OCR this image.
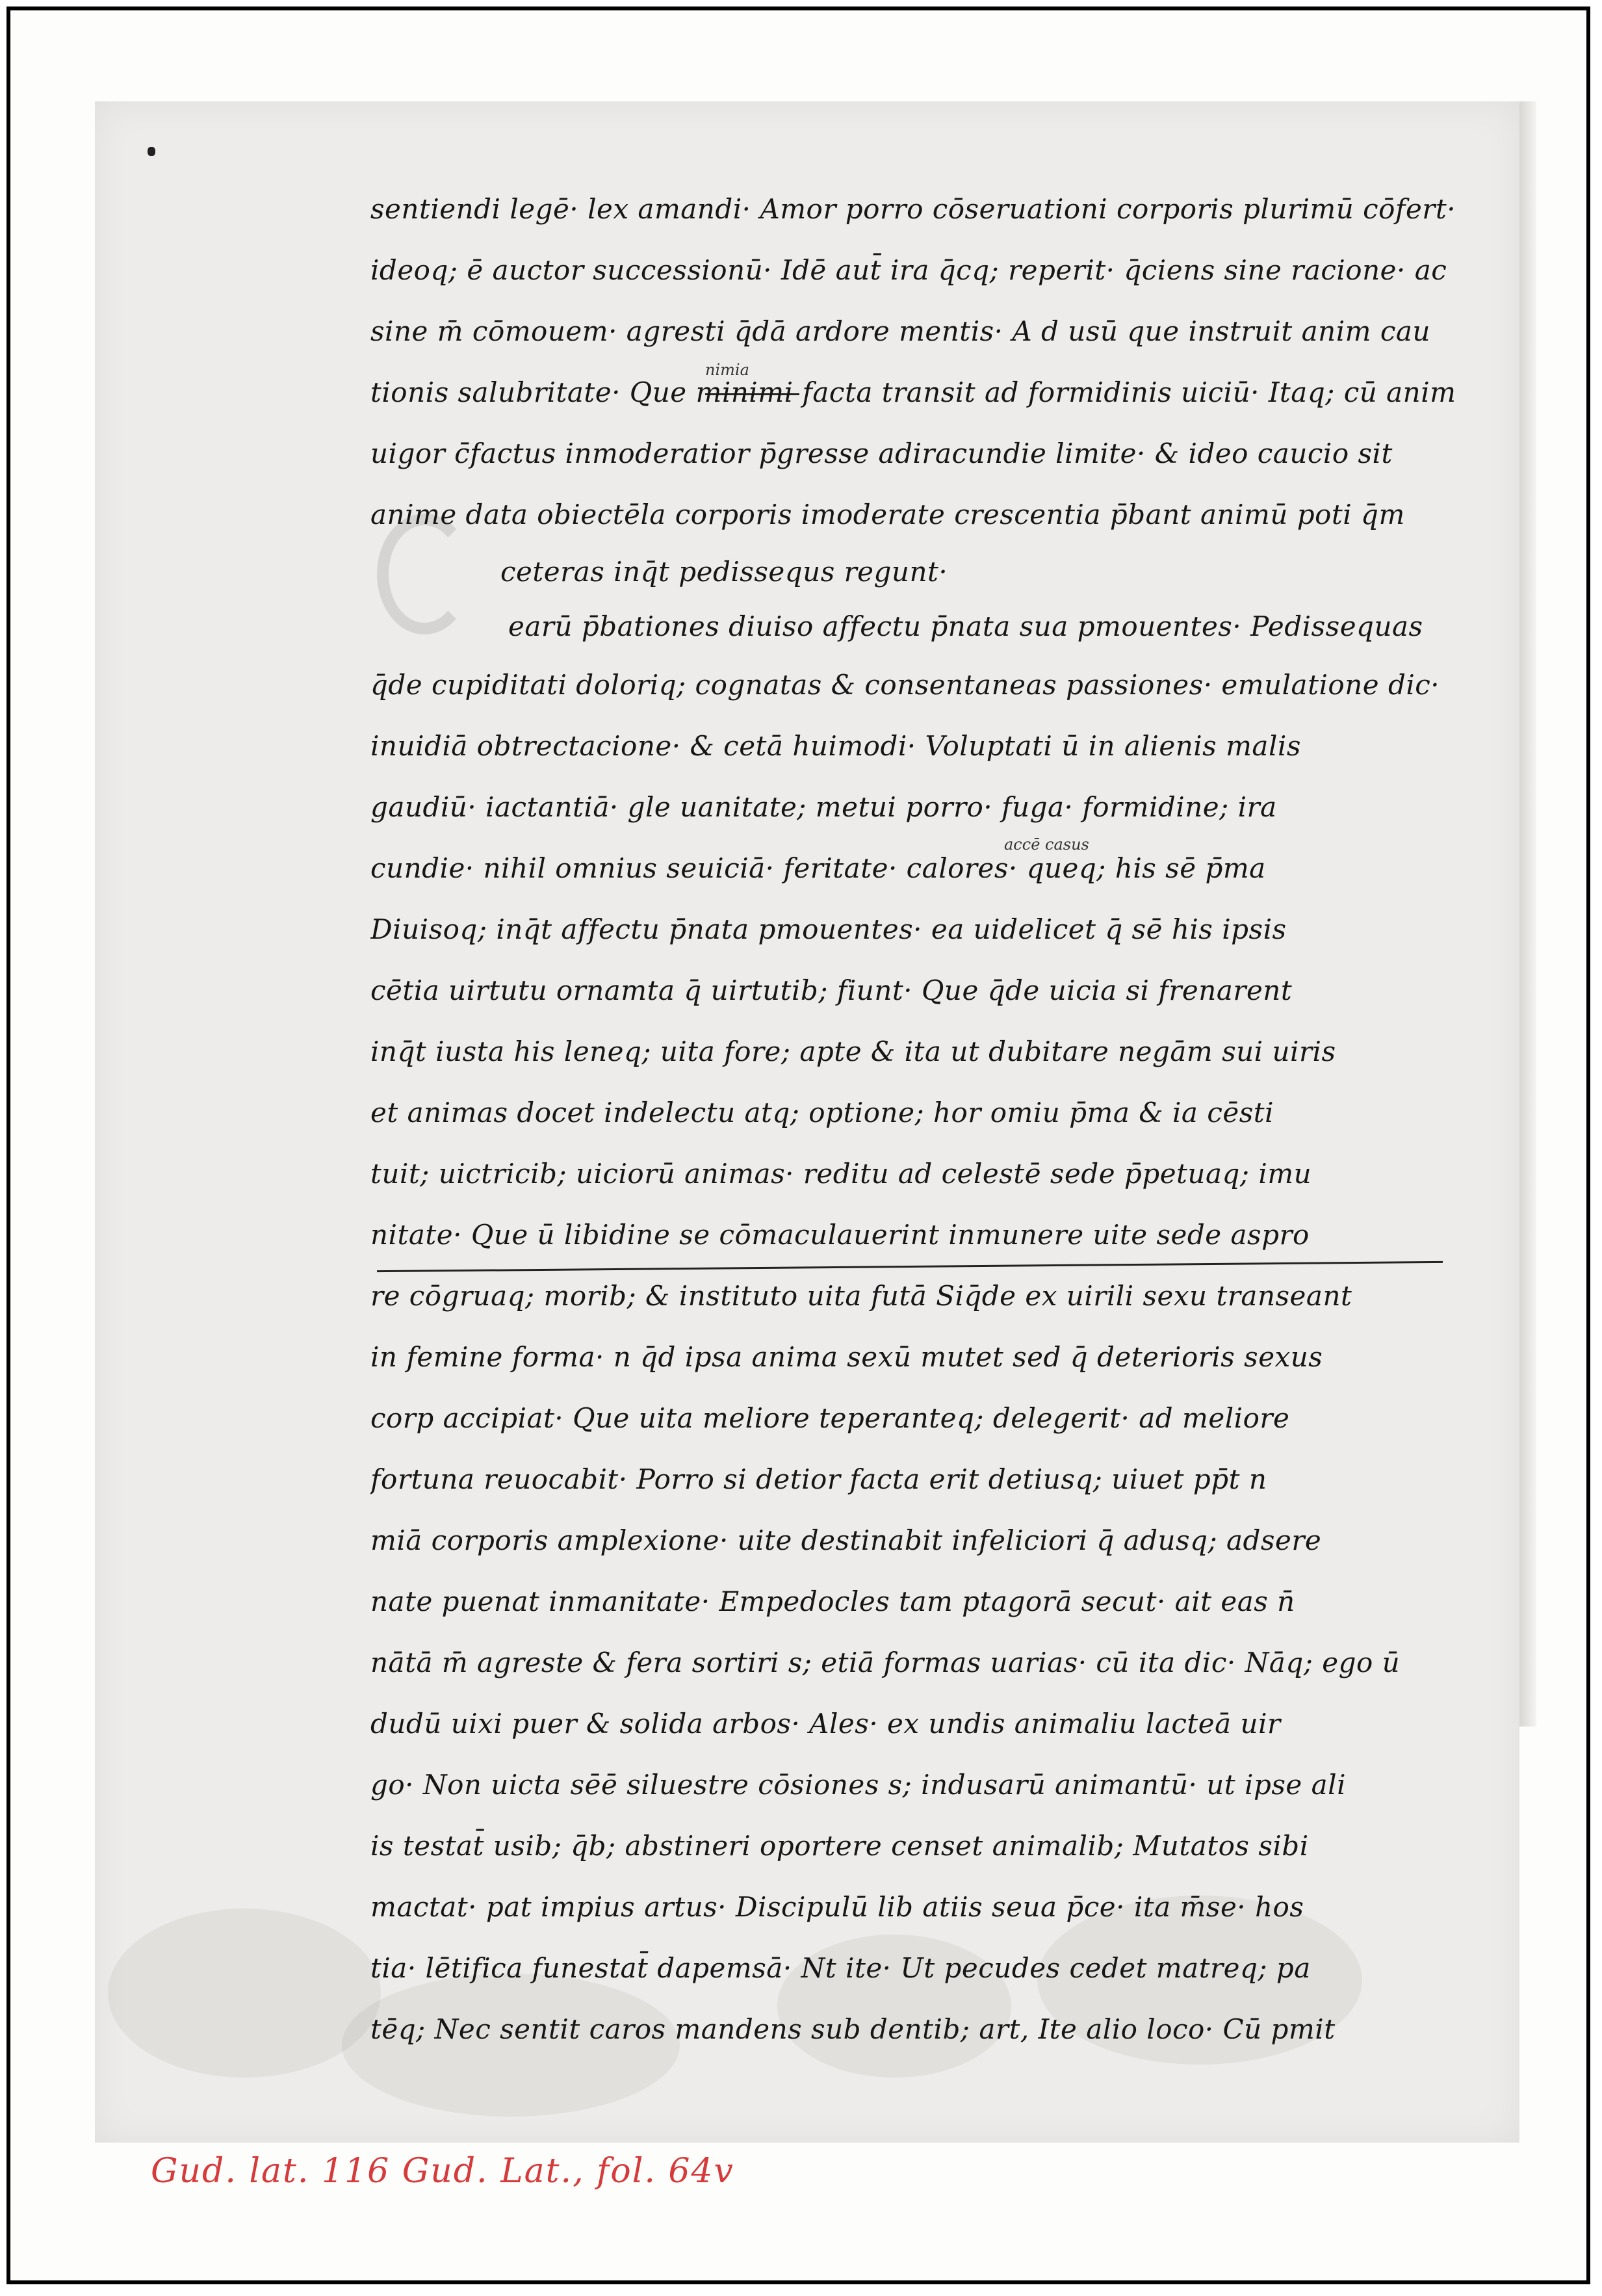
nimia
accē casus
sentiendi legē· lex amandi· Amor porro cōseruationi corporis plurimū cōfert·
ideoq; ē auctor successionū· Idē aut̄ ira q̄cq; reperit· q̄ciens sine racione· ac
sine m̄ cōmouem· agresti q̄dā ardore mentis· A d usū que instruit anim cau
tionis salubritate· Que minimi facta transit ad formidinis uiciū· Itaq; cū anim
uigor c̄factus inmoderatior p̄gresse adiracundie limite· & ideo caucio sit
anime data obiectēla corporis imoderate crescentia p̄bant animū poti q̄m
ceteras inq̄t pedissequs regunt·
earū p̄bationes diuiso affectu p̄nata sua pmouentes· Pedissequas
q̄de cupiditati doloriq; cognatas & consentaneas passiones· emulatione dic·
inuidiā obtrectacione· & cetā huimodi· Voluptati ū in alienis malis
gaudiū· iactantiā· gle uanitate; metui porro· fuga· formidine; ira
cundie· nihil omnius seuiciā· feritate· calores· queq; his sē p̄ma
Diuisoq; inq̄t affectu p̄nata pmouentes· ea uidelicet q̄ sē his ipsis
cētia uirtutu ornamta q̄ uirtutib; fiunt· Que q̄de uicia si frenarent
inq̄t iusta his leneq; uita fore; apte & ita ut dubitare negām sui uiris
et animas docet indelectu atq; optione; hor omiu p̄ma & ia cēsti
tuit; uictricib; uiciorū animas· reditu ad celestē sede p̄petuaq; imu
nitate· Que ū libidine se cōmaculauerint inmunere uite sede aspro
re cōgruaq; morib; & instituto uita futā Siq̄de ex uirili sexu transeant
in femine forma· n q̄d ipsa anima sexū mutet sed q̄ deterioris sexus
corp accipiat· Que uita meliore teperanteq; delegerit· ad meliore
fortuna reuocabit· Porro si detior facta erit detiusq; uiuet pp̄t n
miā corporis amplexione· uite destinabit infeliciori q̄ adusq; adsere
nate puenat inmanitate· Empedocles tam ptagorā secut· ait eas n̄
nātā m̄ agreste & fera sortiri s; etiā formas uarias· cū ita dic· Nāq; ego ū
dudū uixi puer & solida arbos· Ales· ex undis animaliu lacteā uir
go· Non uicta sēē siluestre cōsiones s; indusarū animantū· ut ipse ali
is testat̄ usib; q̄b; abstineri oportere censet animalib; Mutatos sibi
mactat· pat impius artus· Discipulū lib atiis seua p̄ce· ita m̄se· hos
tia· lētifica funestat̄ dapemsā· Nt ite· Ut pecudes cedet matreq; pa
tēq; Nec sentit caros mandens sub dentib; art, Ite alio loco· Cū pmit
Gud. lat. 116 Gud. Lat., fol. 64v
